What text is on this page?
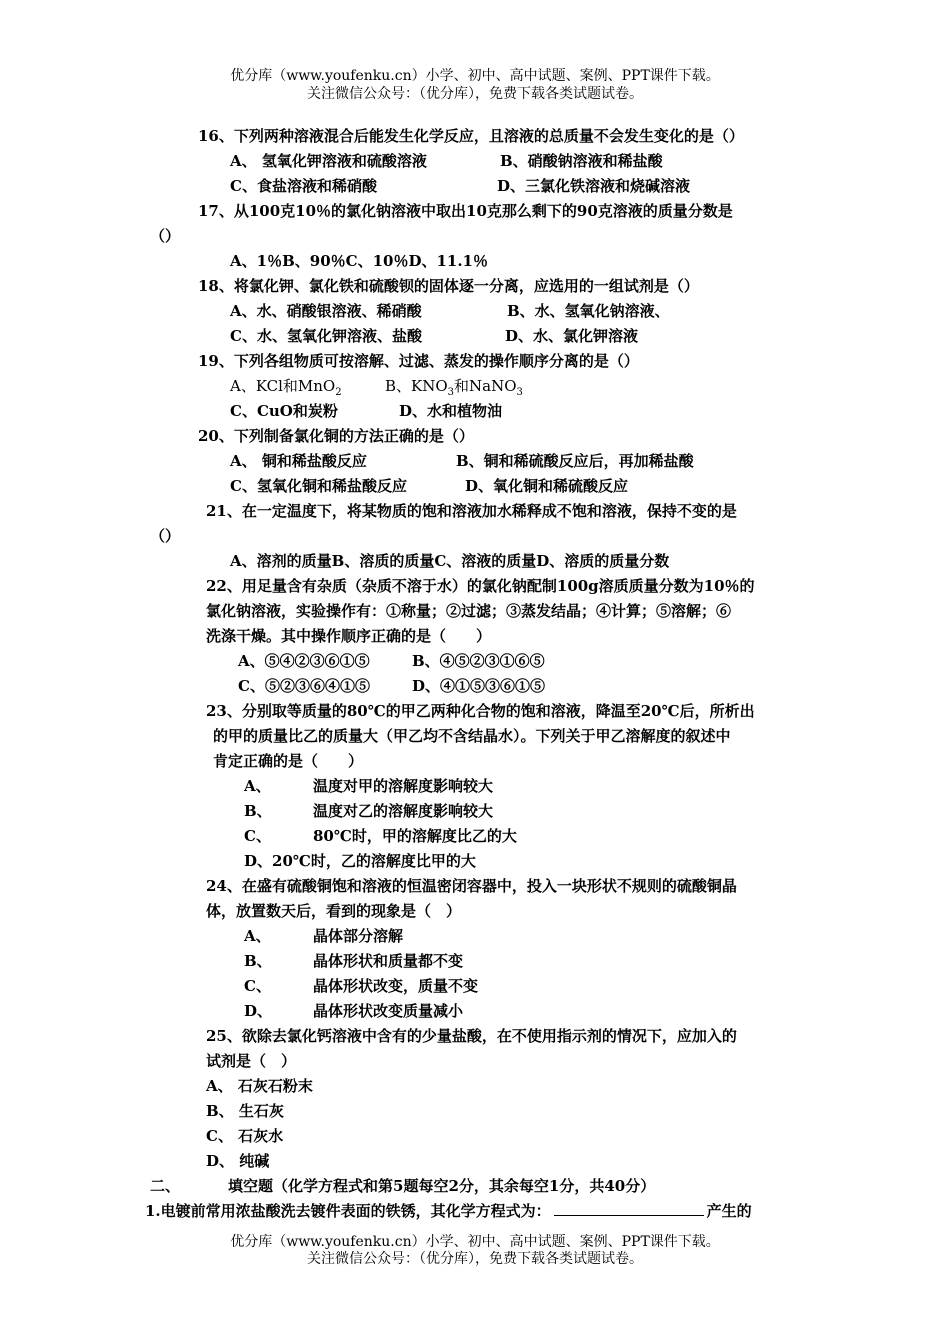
优分库（www.youfenku.cn）小学、初中、高中试题、案例、PPT课件下载。
关注微信公众号：（优分库），免费下载各类试题试卷。
16、下列两种溶液混合后能发生化学反应，且溶液的总质量不会发生变化的是（）
A、 氢氧化钾溶液和硫酸溶液	B、硝酸钠溶液和稀盐酸
C、食盐溶液和稀硝酸	D、三氯化铁溶液和烧碱溶液
17、从100克10％的氯化钠溶液中取出10克那么剩下的90克溶液的质量分数是
（）
A、1％B、90％C、10％D、11.1％
18、将氯化钾、氯化铁和硫酸钡的固体逐一分离，应选用的一组试剂是（）
A、水、硝酸银溶液、稀硝酸	B、水、氢氧化钠溶液、
C、水、氢氧化钾溶液、盐酸	D、水、氯化钾溶液
19、下列各组物质可按溶解、过滤、蒸发的操作顺序分离的是（）
A、KCl和MnO$_2$	B、$KNO_3$和NaNO$_3$
C、CuO和炭粉	D、水和植物油
20、下列制备氯化铜的方法正确的是（）
A、 铜和稀盐酸反应	B、铜和稀硫酸反应后，再加稀盐酸
C、氢氧化铜和稀盐酸反应	D、氧化铜和稀硫酸反应
21、在一定温度下，将某物质的饱和溶液加水稀释成不饱和溶液，保持不变的是
（）
A、溶剂的质量B、溶质的质量C、溶液的质量D、溶质的质量分数
22、用足量含有杂质（杂质不溶于水）的氯化钠配制100g溶质质量分数为10％的
氯化钠溶液，实验操作有：①称量；②过滤；③蒸发结晶；④计算；⑤溶解；⑥
洗涤干燥。其中操作顺序正确的是（　　）
A、⑤④②③⑥①⑤	B、④⑤②③①⑥⑤
C、⑤②③⑥④①⑤	D、④①⑤③⑥①⑤
23、分别取等质量的80℃的甲乙两种化合物的饱和溶液，降温至20℃后，所析出
的甲的质量比乙的质量大（甲乙均不含结晶水）。下列关于甲乙溶解度的叙述中
肯定正确的是（　　）
A、	温度对甲的溶解度影响较大
B、	温度对乙的溶解度影响较大
C、	80℃时，甲的溶解度比乙的大
D、20℃时，乙的溶解度比甲的大
24、在盛有硫酸铜饱和溶液的恒温密闭容器中，投入一块形状不规则的硫酸铜晶
体，放置数天后，看到的现象是（　）
A、	晶体部分溶解
B、	晶体形状和质量都不变
C、	晶体形状改变，质量不变
D、	晶体形状改变质量减小
25、欲除去氯化钙溶液中含有的少量盐酸，在不使用指示剂的情况下，应加入的
试剂是（　）
A、 石灰石粉末
B、 生石灰
C、 石灰水
D、 纯碱
二、	填空题（化学方程式和第5题每空2分，其余每空1分，共40分）
1.电镀前常用浓盐酸洗去镀件表面的铁锈，其化学方程式为：	产生的
优分库（www.youfenku.cn）小学、初中、高中试题、案例、PPT课件下载。
关注微信公众号：（优分库），免费下载各类试题试卷。
